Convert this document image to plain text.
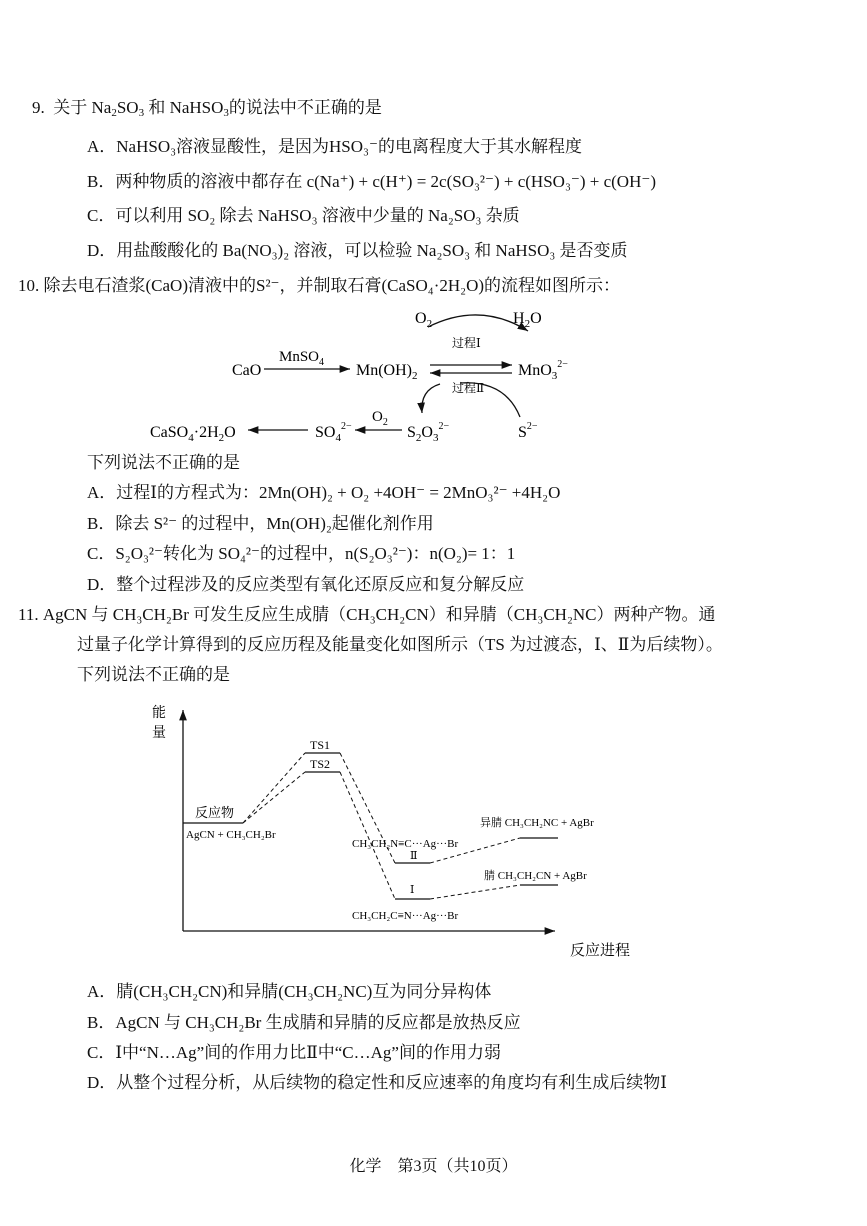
9. 关于 $Na_2SO_3$ 和 NaHSO$_3$的说法中不正确的是
A．NaHSO₃溶液显酸性，是因为HSO₃⁻的电离程度大于其水解程度
B．两种物质的溶液中都存在 c(Na⁺) + c(H⁺) = 2c(SO₃²⁻) + c(HSO₃⁻) + c(OH⁻)
C．可以利用 SO₂ 除去 NaHSO₃ 溶液中少量的 Na₂SO₃ 杂质
D．用盐酸酸化的 Ba(NO₃)₂ 溶液，可以检验 Na₂SO₃ 和 NaHSO₃ 是否变质
10. 除去电石渣浆(CaO)清液中的S²⁻，并制取石膏(CaSO₄·2H₂O)的流程如图所示：
$O_2$	$H_2O$
过程Ⅰ
CaO
MnSO$_4$ $Mn(OH)_2$	MnO$_3^{2-}$
过程Ⅱ
$CaSO_4\cdot 2H_2O$	$SO_4^{2-}$
$O_2$
$S_2O_3^{2-}$	$S^{2-}$
下列说法不正确的是
A．过程Ⅰ的方程式为：2Mn(OH)₂ + O₂ +4OH⁻ = 2MnO₃²⁻ +4H₂O
B．除去 S²⁻ 的过程中，Mn(OH)₂起催化剂作用
C．S₂O₃²⁻转化为 SO₄²⁻的过程中，n(S₂O₃²⁻)：n(O₂)= 1：1
D．整个过程涉及的反应类型有氧化还原反应和复分解反应
11. AgCN 与 CH₃CH₂Br 可发生反应生成腈（CH₃CH₂CN）和异腈（CH₃CH₂NC）两种产物。通
过量子化学计算得到的反应历程及能量变化如图所示（TS 为过渡态，Ⅰ、Ⅱ为后续物）。
下列说法不正确的是
能
量
反应进程
反应物
AgCN + CH₃CH₂Br
TS1
TS2
Ⅱ
CH₃CH₂N≡C···Ag···Br
Ⅰ
CH₃CH₂C≡N···Ag···Br
异腈 CH₃CH₂NC + AgBr
腈 CH₃CH₂CN + AgBr
A．腈(CH₃CH₂CN)和异腈(CH₃CH₂NC)互为同分异构体
B．AgCN 与 CH₃CH₂Br 生成腈和异腈的反应都是放热反应
C．Ⅰ中“N…Ag”间的作用力比Ⅱ中“C…Ag”间的作用力弱
D．从整个过程分析，从后续物的稳定性和反应速率的角度均有利生成后续物Ⅰ
化学　第3页（共10页）
